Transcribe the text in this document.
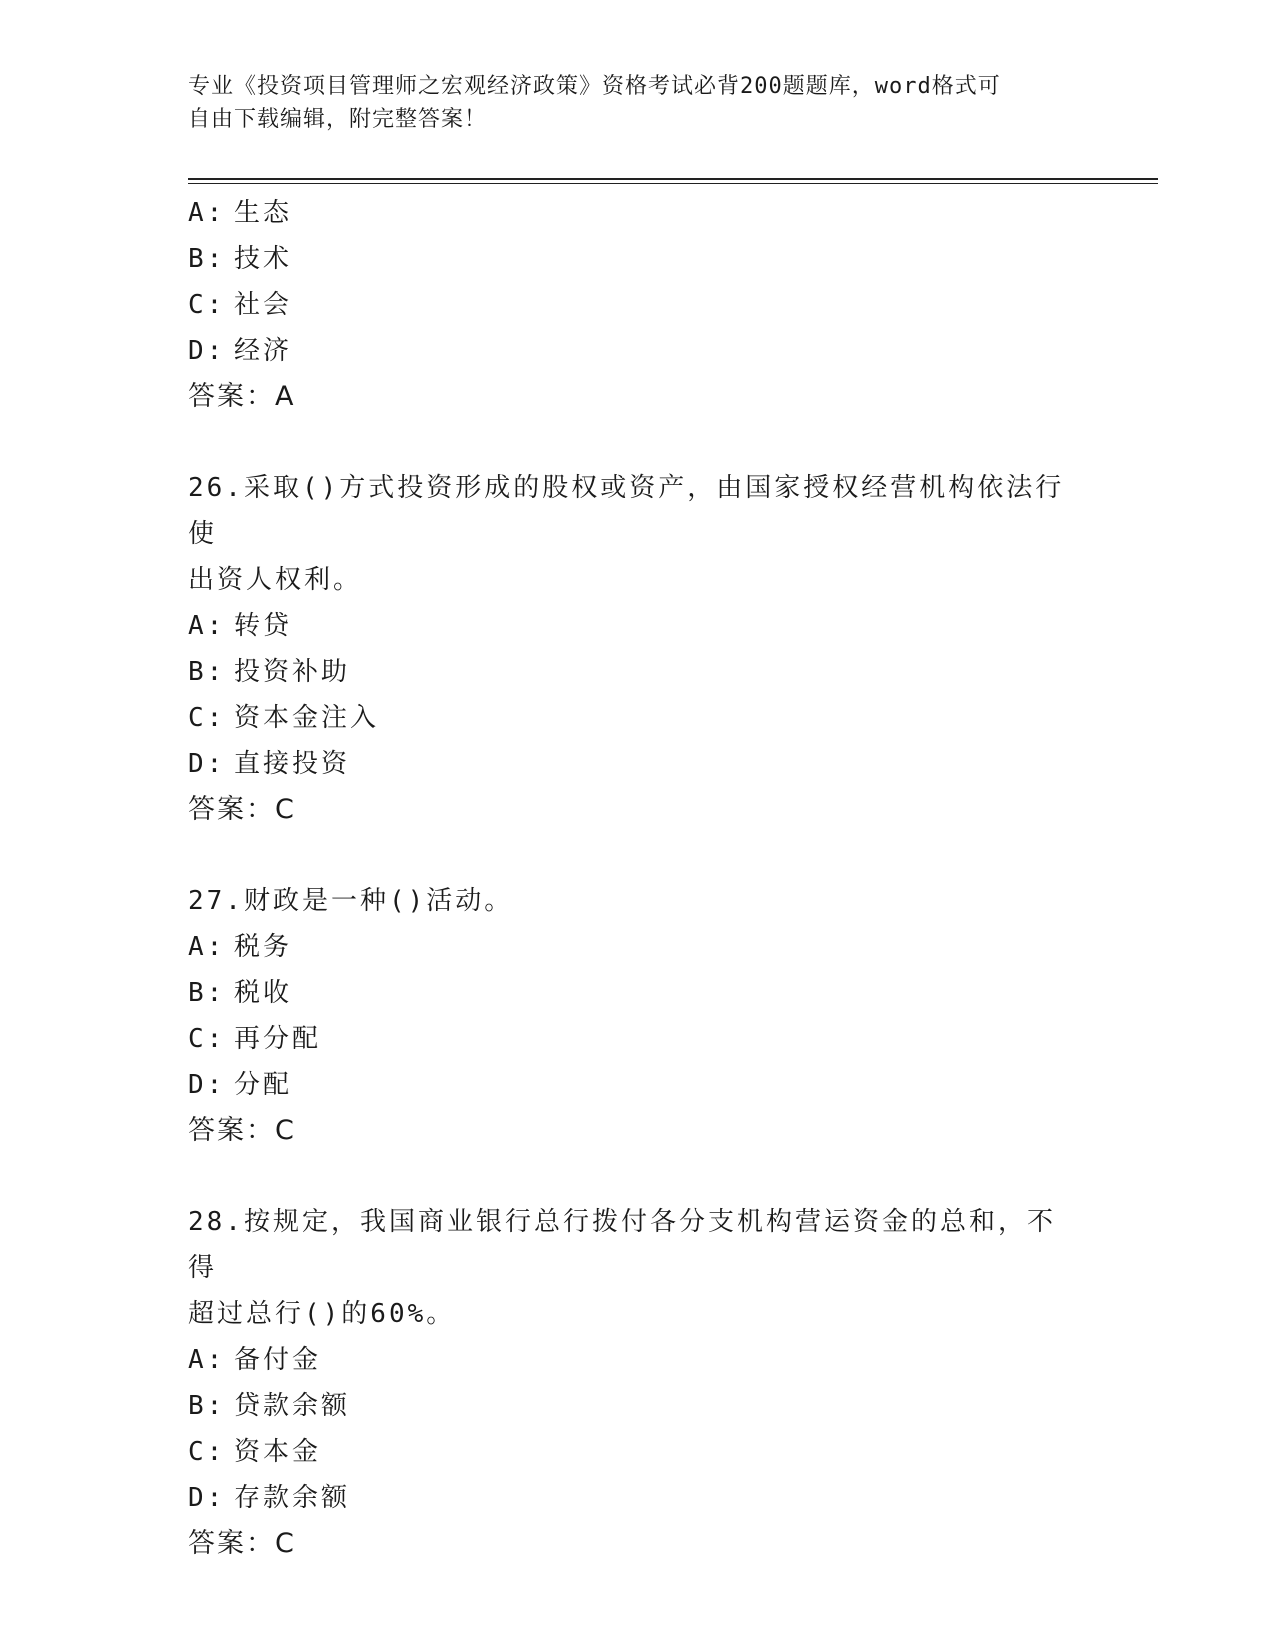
专业《投资项目管理师之宏观经济政策》资格考试必背200题题库，word格式可
自由下载编辑，附完整答案！
A: 生态
B: 技术
C: 社会
D: 经济
答案：A
26.采取()方式投资形成的股权或资产，由国家授权经营机构依法行使
出资人权利。
A: 转贷
B: 投资补助
C: 资本金注入
D: 直接投资
答案：C
27.财政是一种()活动。
A: 税务
B: 税收
C: 再分配
D: 分配
答案：C
28.按规定，我国商业银行总行拨付各分支机构营运资金的总和，不得
超过总行()的60%。
A: 备付金
B: 贷款余额
C: 资本金
D: 存款余额
答案：C
